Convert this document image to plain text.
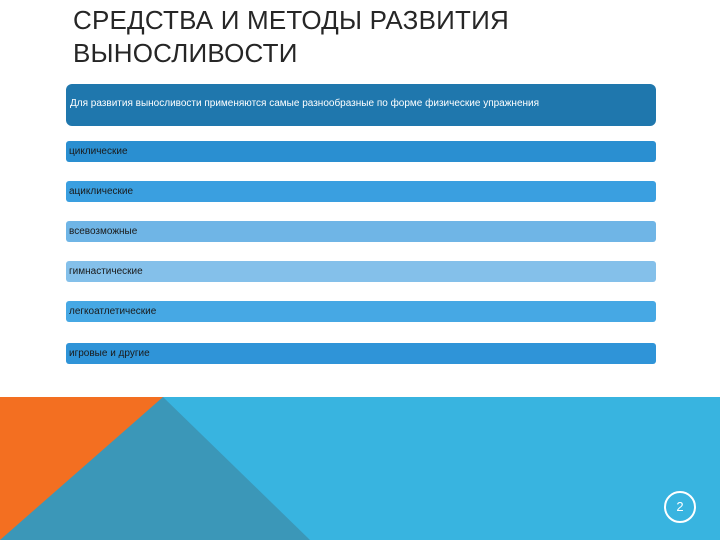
СРЕДСТВА И МЕТОДЫ РАЗВИТИЯ ВЫНОСЛИВОСТИ
Для развития выносливости применяются самые разнообразные по форме физические упражнения
циклические
ациклические
всевозможные
гимнастические
легкоатлетические
игровые и другие
2
